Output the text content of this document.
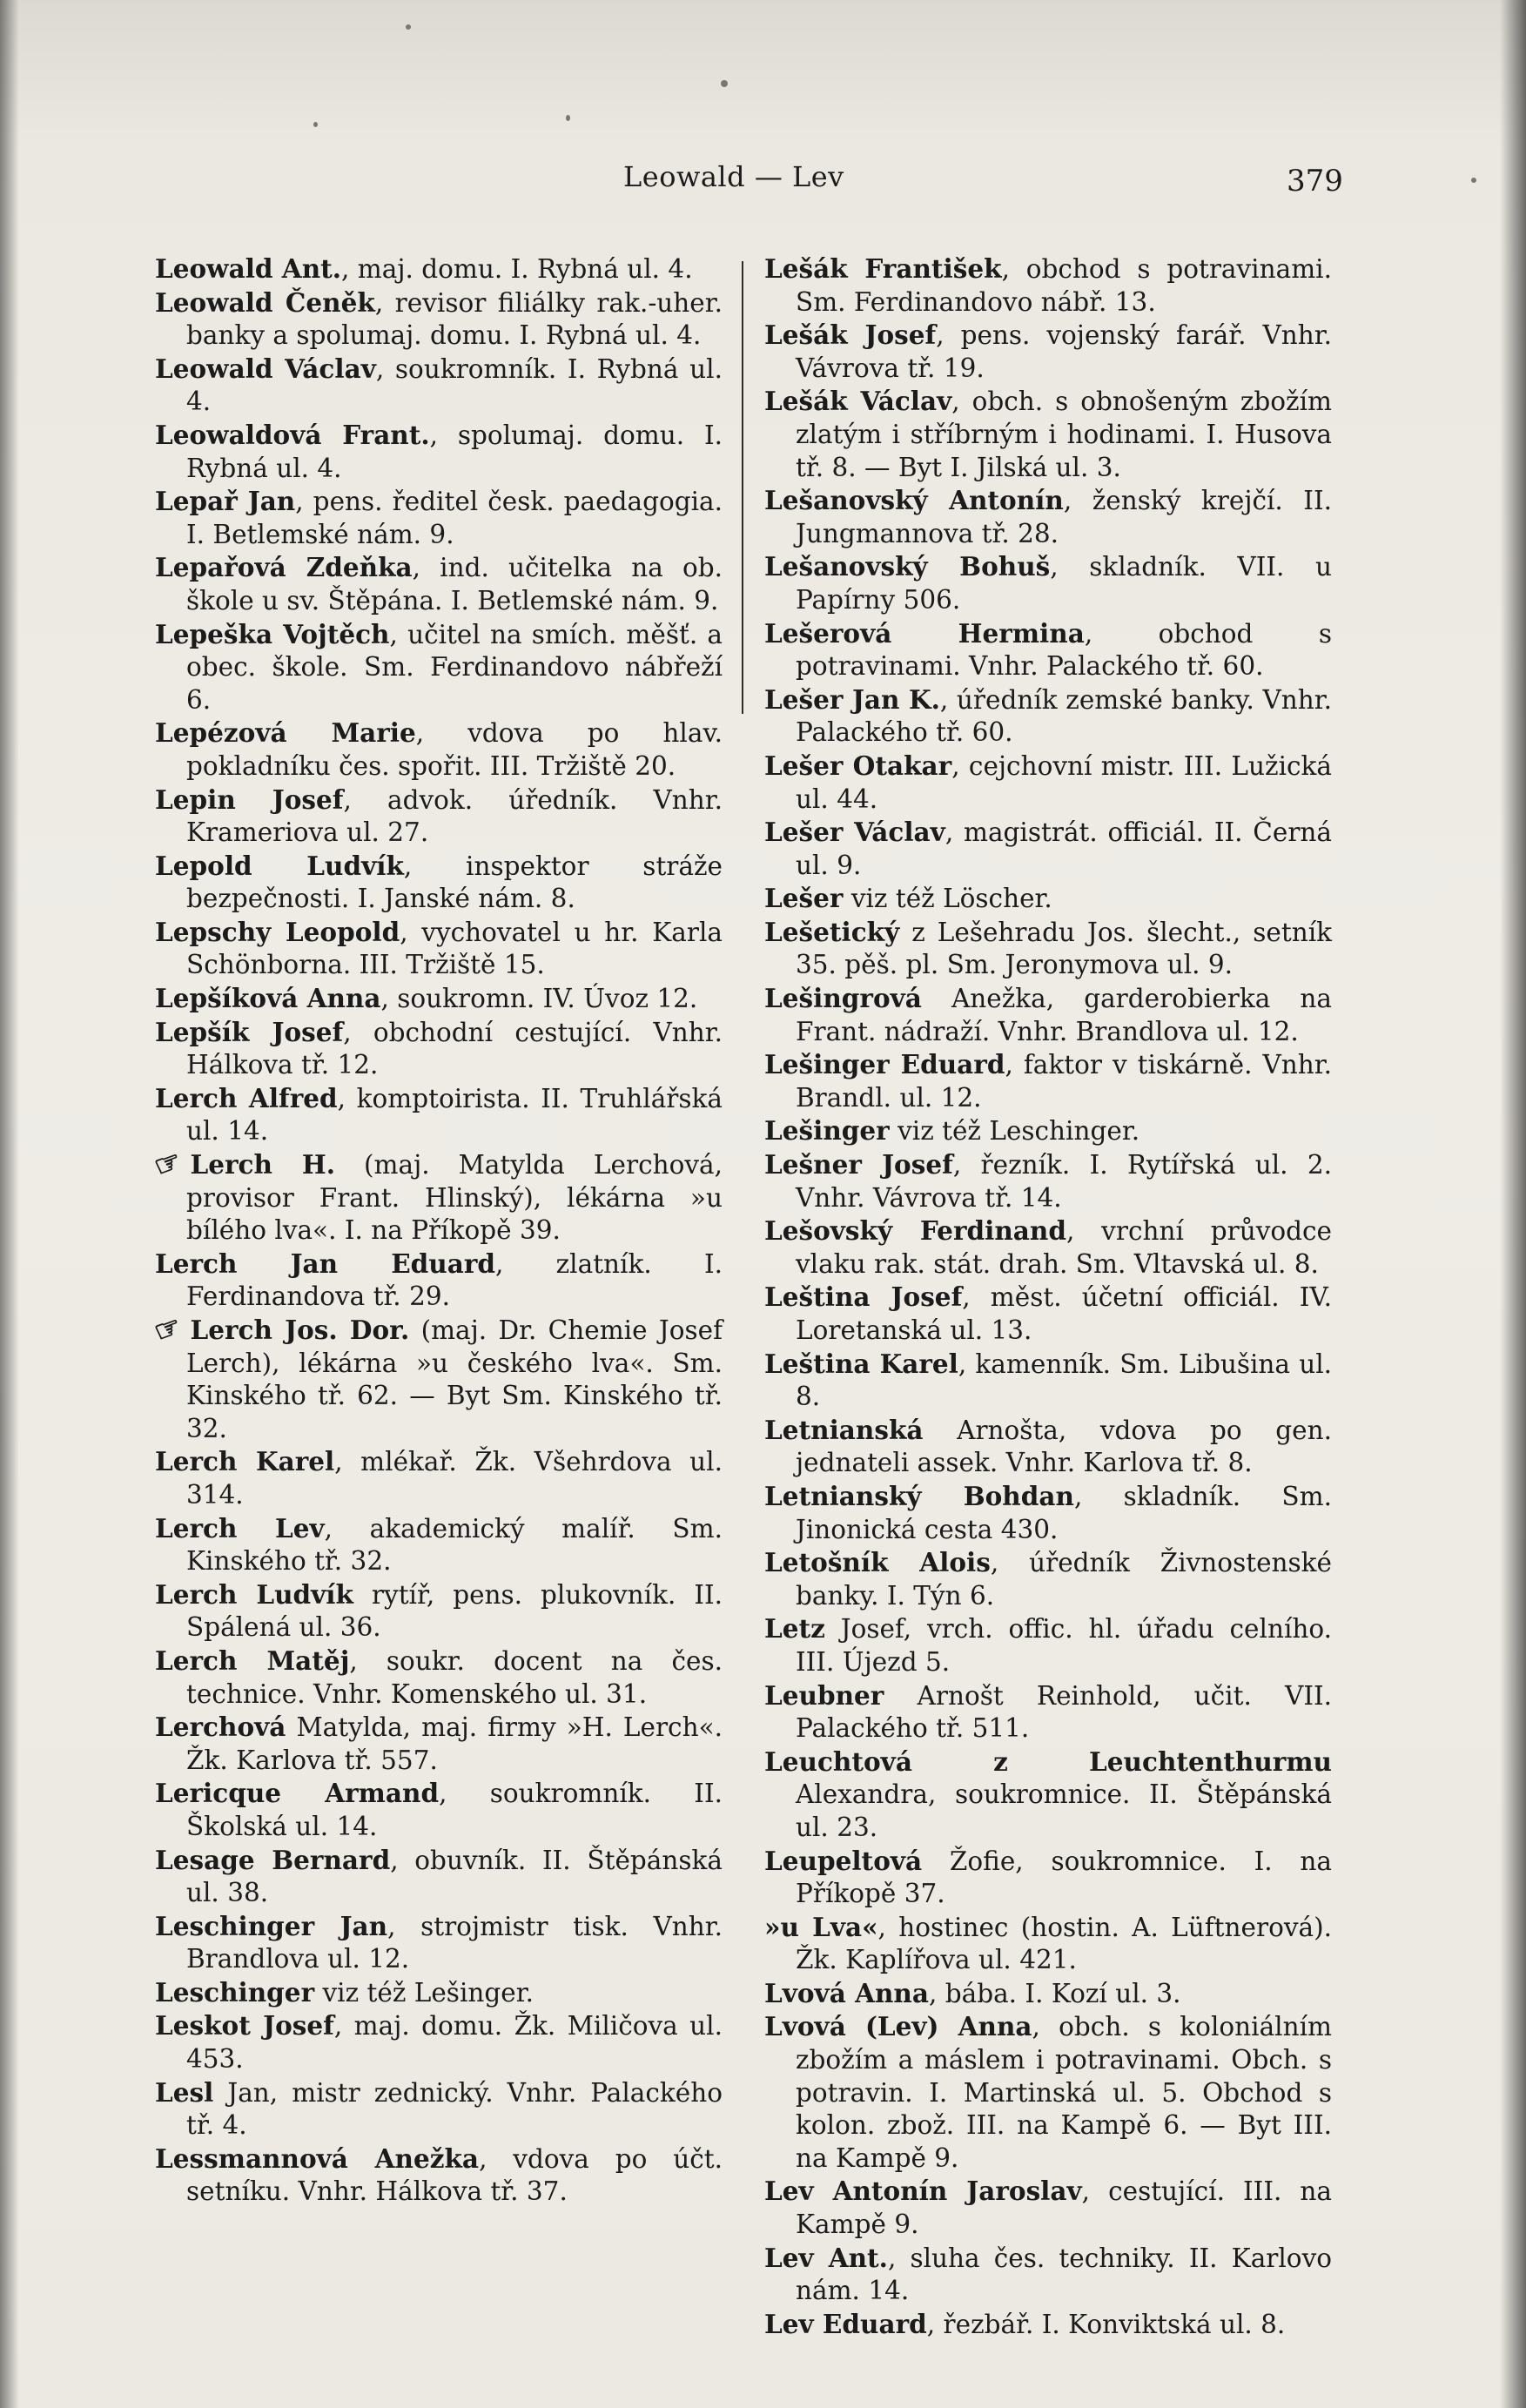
Leowald — Lev	379

Leowald Ant., maj. domu. I. Rybná ul. 4.

Leowald Čeněk, revisor filiálky rak.-uher. banky a spolumaj. domu. I. Rybná ul. 4.

Leowald Václav, soukromník. I. Rybná ul. 4.

Leowaldová Frant., spolumaj. domu. I. Rybná ul. 4.

Lepař Jan, pens. ředitel česk. paedagogia. I. Betlemské nám. 9.

Lepařová Zdeňka, ind. učitelka na ob. škole u sv. Štěpána. I. Betlemské nám. 9.

Lepeška Vojtěch, učitel na smích. měšť. a obec. škole. Sm. Ferdinandovo nábřeží 6.

Lepézová Marie, vdova po hlav. pokladníku čes. spořit. III. Tržiště 20.

Lepin Josef, advok. úředník. Vnhr. Krameriova ul. 27.

Lepold Ludvík, inspektor stráže bezpečnosti. I. Janské nám. 8.

Lepschy Leopold, vychovatel u hr. Karla Schönborna. III. Tržiště 15.

Lepšíková Anna, soukromn. IV. Úvoz 12.

Lepšík Josef, obchodní cestující. Vnhr. Hálkova tř. 12.

Lerch Alfred, komptoirista. II. Truhlářská ul. 14.

☞ Lerch H. (maj. Matylda Lerchová, provisor Frant. Hlinský), lékárna »u bílého lva«. I. na Příkopě 39.

Lerch Jan Eduard, zlatník. I. Ferdinandova tř. 29.

☞ Lerch Jos. Dor. (maj. Dr. Chemie Josef Lerch), lékárna »u českého lva«. Sm. Kinského tř. 62. — Byt Sm. Kinského tř. 32.

Lerch Karel, mlékař. Žk. Všehrdova ul. 314.

Lerch Lev, akademický malíř. Sm. Kinského tř. 32.

Lerch Ludvík rytíř, pens. plukovník. II. Spálená ul. 36.

Lerch Matěj, soukr. docent na čes. technice. Vnhr. Komenského ul. 31.

Lerchová Matylda, maj. firmy »H. Lerch«. Žk. Karlova tř. 557.

Lericque Armand, soukromník. II. Školská ul. 14.

Lesage Bernard, obuvník. II. Štěpánská ul. 38.

Leschinger Jan, strojmistr tisk. Vnhr. Brandlova ul. 12.

Leschinger viz též Lešinger.

Leskot Josef, maj. domu. Žk. Miličova ul. 453.

Lesl Jan, mistr zednický. Vnhr. Palackého tř. 4.

Lessmannová Anežka, vdova po účt. setníku. Vnhr. Hálkova tř. 37.

Lešák František, obchod s potravinami. Sm. Ferdinandovo nábř. 13.

Lešák Josef, pens. vojenský farář. Vnhr. Vávrova tř. 19.

Lešák Václav, obch. s obnošeným zbožím zlatým i stříbrným i hodinami. I. Husova tř. 8. — Byt I. Jilská ul. 3.

Lešanovský Antonín, ženský krejčí. II. Jungmannova tř. 28.

Lešanovský Bohuš, skladník. VII. u Papírny 506.

Lešerová Hermina, obchod s potravinami. Vnhr. Palackého tř. 60.

Lešer Jan K., úředník zemské banky. Vnhr. Palackého tř. 60.

Lešer Otakar, cejchovní mistr. III. Lužická ul. 44.

Lešer Václav, magistrát. officiál. II. Černá ul. 9.

Lešer viz též Löscher.

Lešetický z Lešehradu Jos. šlecht., setník 35. pěš. pl. Sm. Jeronymova ul. 9.

Lešingrová Anežka, garderobierka na Frant. nádraží. Vnhr. Brandlova ul. 12.

Lešinger Eduard, faktor v tiskárně. Vnhr. Brandl. ul. 12.

Lešinger viz též Leschinger.

Lešner Josef, řezník. I. Rytířská ul. 2. Vnhr. Vávrova tř. 14.

Lešovský Ferdinand, vrchní průvodce vlaku rak. stát. drah. Sm. Vltavská ul. 8.

Leština Josef, měst. účetní officiál. IV. Loretanská ul. 13.

Leština Karel, kamenník. Sm. Libušina ul. 8.

Letnianská Arnošta, vdova po gen. jednateli assek. Vnhr. Karlova tř. 8.

Letnianský Bohdan, skladník. Sm. Jinonická cesta 430.

Letošník Alois, úředník Živnostenské banky. I. Týn 6.

Letz Josef, vrch. offic. hl. úřadu celního. III. Újezd 5.

Leubner Arnošt Reinhold, učit. VII. Palackého tř. 511.

Leuchtová z Leuchtenthurmu Alexandra, soukromnice. II. Štěpánská ul. 23.

Leupeltová Žofie, soukromnice. I. na Příkopě 37.

»u Lva«, hostinec (hostin. A. Lüftnerová). Žk. Kaplířova ul. 421.

Lvová Anna, bába. I. Kozí ul. 3.

Lvová (Lev) Anna, obch. s koloniálním zbožím a máslem i potravinami. Obch. s potravin. I. Martinská ul. 5. Obchod s kolon. zbož. III. na Kampě 6. — Byt III. na Kampě 9.

Lev Antonín Jaroslav, cestující. III. na Kampě 9.

Lev Ant., sluha čes. techniky. II. Karlovo nám. 14.

Lev Eduard, řezbář. I. Konviktská ul. 8.
